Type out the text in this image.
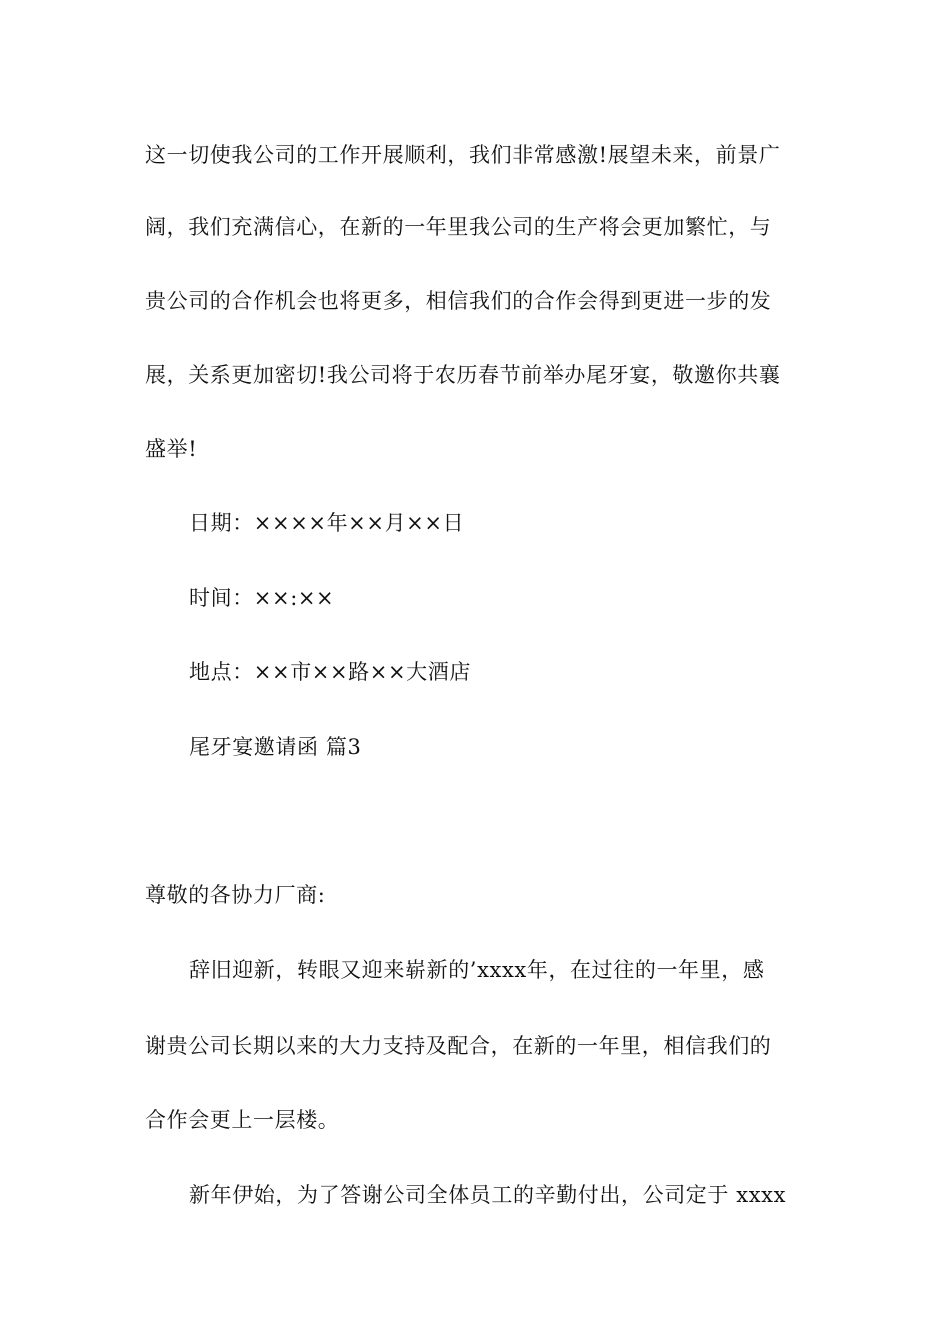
这一切使我公司的工作开展顺利，我们非常感激!展望未来，前景广
阔，我们充满信心，在新的一年里我公司的生产将会更加繁忙，与
贵公司的合作机会也将更多，相信我们的合作会得到更进一步的发
展，关系更加密切!我公司将于农历春节前举办尾牙宴，敬邀你共襄
盛举!
日期：××××年××月××日
时间：××:××
地点：××市××路××大酒店
尾牙宴邀请函 篇3
尊敬的各协力厂商:
辞旧迎新，转眼又迎来崭新的’xxxx年，在过往的一年里，感
谢贵公司长期以来的大力支持及配合，在新的一年里，相信我们的
合作会更上一层楼。
新年伊始，为了答谢公司全体员工的辛勤付出，公司定于 xxxx
